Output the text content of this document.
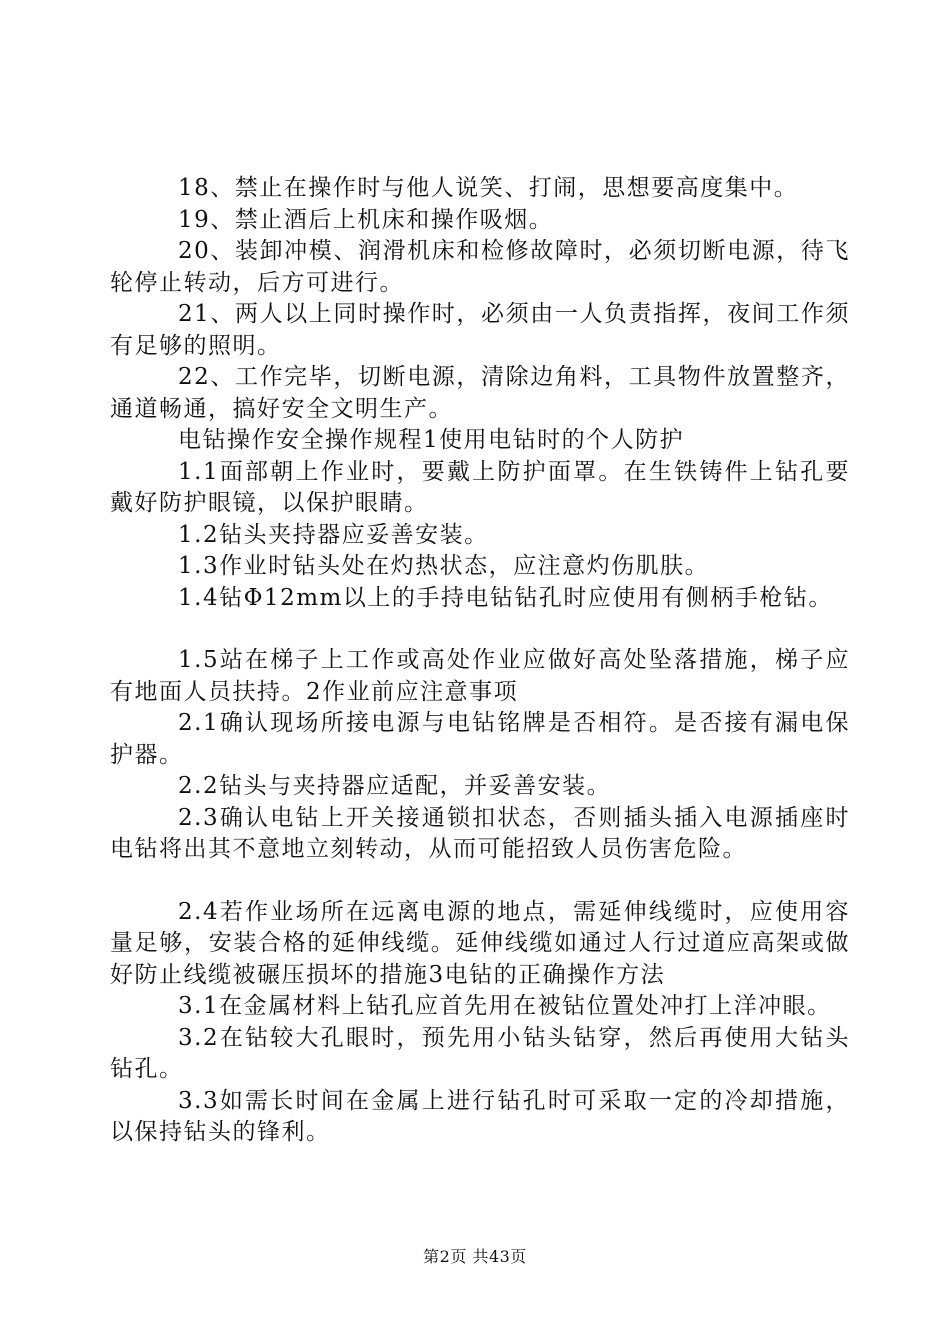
18、禁止在操作时与他人说笑、打闹，思想要高度集中。

19、禁止酒后上机床和操作吸烟。

20、装卸冲模、润滑机床和检修故障时，必须切断电源，待飞轮停止转动，后方可进行。

21、两人以上同时操作时，必须由一人负责指挥，夜间工作须有足够的照明。

22、工作完毕，切断电源，清除边角料，工具物件放置整齐，通道畅通，搞好安全文明生产。

电钻操作安全操作规程1使用电钻时的个人防护

1.1面部朝上作业时，要戴上防护面罩。在生铁铸件上钻孔要戴好防护眼镜，以保护眼睛。

1.2钻头夹持器应妥善安装。

1.3作业时钻头处在灼热状态，应注意灼伤肌肤。

1.4钻Φ12mm以上的手持电钻钻孔时应使用有侧柄手枪钻。

1.5站在梯子上工作或高处作业应做好高处坠落措施，梯子应有地面人员扶持。2作业前应注意事项

2.1确认现场所接电源与电钻铭牌是否相符。是否接有漏电保护器。

2.2钻头与夹持器应适配，并妥善安装。

2.3确认电钻上开关接通锁扣状态，否则插头插入电源插座时电钻将出其不意地立刻转动，从而可能招致人员伤害危险。

2.4若作业场所在远离电源的地点，需延伸线缆时，应使用容量足够，安装合格的延伸线缆。延伸线缆如通过人行过道应高架或做好防止线缆被碾压损坏的措施3电钻的正确操作方法

3.1在金属材料上钻孔应首先用在被钻位置处冲打上洋冲眼。

3.2在钻较大孔眼时，预先用小钻头钻穿，然后再使用大钻头钻孔。

3.3如需长时间在金属上进行钻孔时可采取一定的冷却措施，以保持钻头的锋利。

第2页 共43页
